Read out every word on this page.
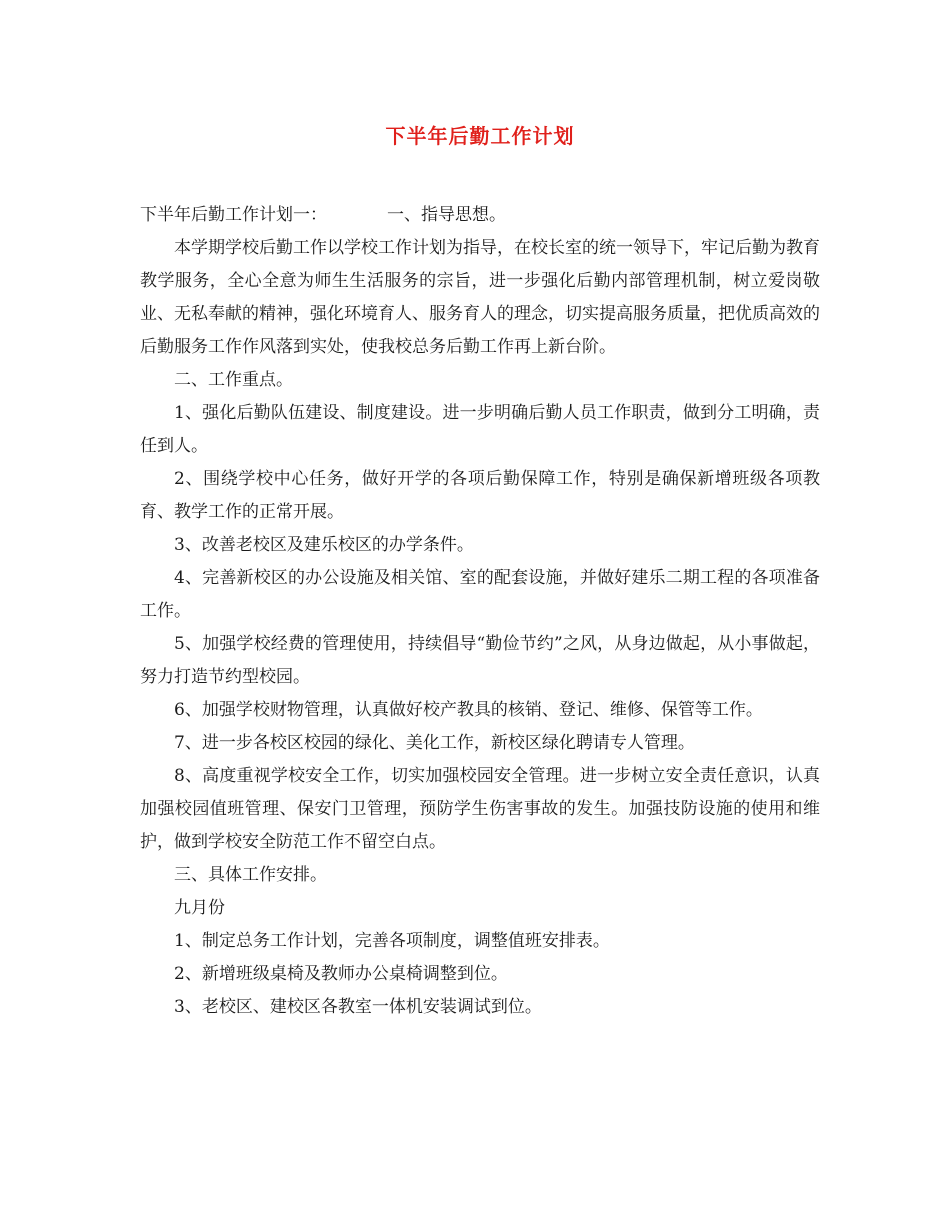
下半年后勤工作计划

下半年后勤工作计划一：	一、指导思想。

本学期学校后勤工作以学校工作计划为指导，在校长室的统一领导下，牢记后勤为教育教学服务，全心全意为师生生活服务的宗旨，进一步强化后勤内部管理机制，树立爱岗敬业、无私奉献的精神，强化环境育人、服务育人的理念，切实提高服务质量，把优质高效的后勤服务工作作风落到实处，使我校总务后勤工作再上新台阶。

二、工作重点。

1、强化后勤队伍建设、制度建设。进一步明确后勤人员工作职责，做到分工明确，责任到人。

2、围绕学校中心任务，做好开学的各项后勤保障工作，特别是确保新增班级各项教育、教学工作的正常开展。

3、改善老校区及建乐校区的办学条件。

4、完善新校区的办公设施及相关馆、室的配套设施，并做好建乐二期工程的各项准备工作。

5、加强学校经费的管理使用，持续倡导“勤俭节约”之风，从身边做起，从小事做起，努力打造节约型校园。

6、加强学校财物管理，认真做好校产教具的核销、登记、维修、保管等工作。

7、进一步各校区校园的绿化、美化工作，新校区绿化聘请专人管理。

8、高度重视学校安全工作，切实加强校园安全管理。进一步树立安全责任意识，认真加强校园值班管理、保安门卫管理，预防学生伤害事故的发生。加强技防设施的使用和维护，做到学校安全防范工作不留空白点。

三、具体工作安排。

九月份

1、制定总务工作计划，完善各项制度，调整值班安排表。

2、新增班级桌椅及教师办公桌椅调整到位。

3、老校区、建校区各教室一体机安装调试到位。
